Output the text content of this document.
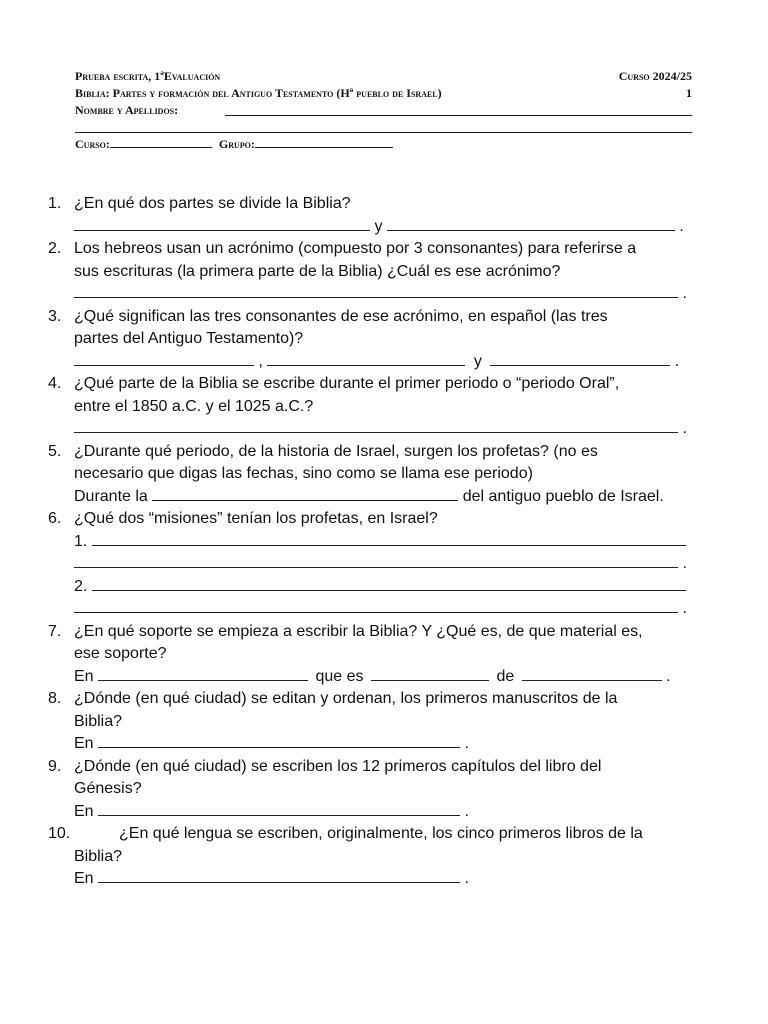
Prueba escrita, 1ªEvaluación	Curso 2024/25
Biblia: Partes y formación del Antiguo Testamento (Hª pueblo de Israel)	1
Nombre y Apellidos:
Curso:	Grupo:
1. ¿En qué dos partes se divide la Biblia?
y	.
2. Los hebreos usan un acrónimo (compuesto por 3 consonantes) para referirse a
sus escrituras (la primera parte de la Biblia) ¿Cuál es ese acrónimo?
.
3. ¿Qué significan las tres consonantes de ese acrónimo, en español (las tres
partes del Antiguo Testamento)?
,	y	.
4. ¿Qué parte de la Biblia se escribe durante el primer periodo o “periodo Oral”,
entre el 1850 a.C. y el 1025 a.C.?
.
5. ¿Durante qué periodo, de la historia de Israel, surgen los profetas? (no es
necesario que digas las fechas, sino como se llama ese periodo)
Durante la	del antiguo pueblo de Israel.
6. ¿Qué dos “misiones” tenían los profetas, en Israel?
1.
.
2.
.
7. ¿En qué soporte se empieza a escribir la Biblia? Y ¿Qué es, de que material es,
ese soporte?
En	que es	de	.
8. ¿Dónde (en qué ciudad) se editan y ordenan, los primeros manuscritos de la
Biblia?
En	.
9. ¿Dónde (en qué ciudad) se escriben los 12 primeros capítulos del libro del
Génesis?
En	.
10.	¿En qué lengua se escriben, originalmente, los cinco primeros libros de la
Biblia?
En	.
